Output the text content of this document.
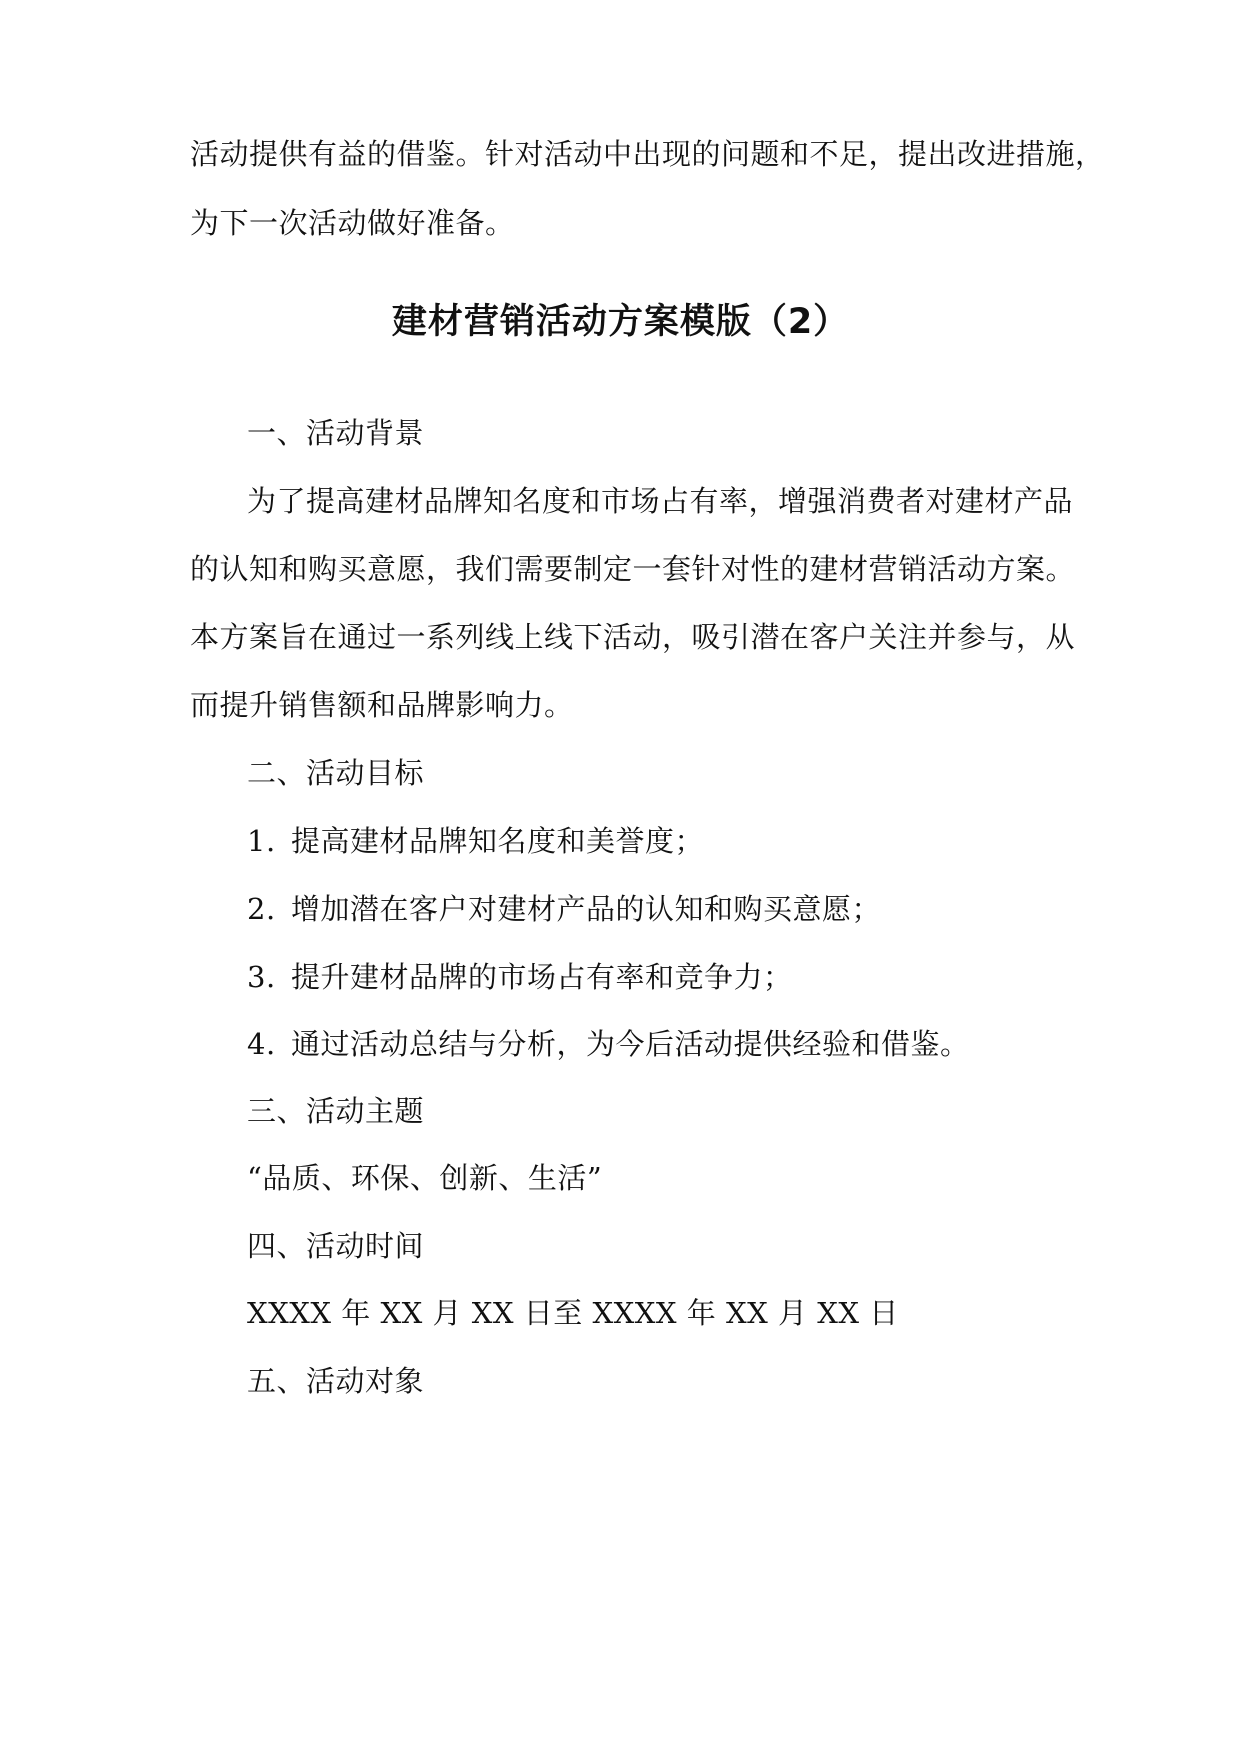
活动提供有益的借鉴。针对活动中出现的问题和不足，提出改进措施，
为下一次活动做好准备。
建材营销活动方案模版（2）
一、活动背景
为了提高建材品牌知名度和市场占有率，增强消费者对建材产品
的认知和购买意愿，我们需要制定一套针对性的建材营销活动方案。
本方案旨在通过一系列线上线下活动，吸引潜在客户关注并参与，从
而提升销售额和品牌影响力。
二、活动目标
1. 提高建材品牌知名度和美誉度；
2. 增加潜在客户对建材产品的认知和购买意愿；
3. 提升建材品牌的市场占有率和竞争力；
4. 通过活动总结与分析，为今后活动提供经验和借鉴。
三、活动主题
“品质、环保、创新、生活”
四、活动时间
XXXX 年 XX 月 XX 日至 XXXX 年 XX 月 XX 日
五、活动对象
